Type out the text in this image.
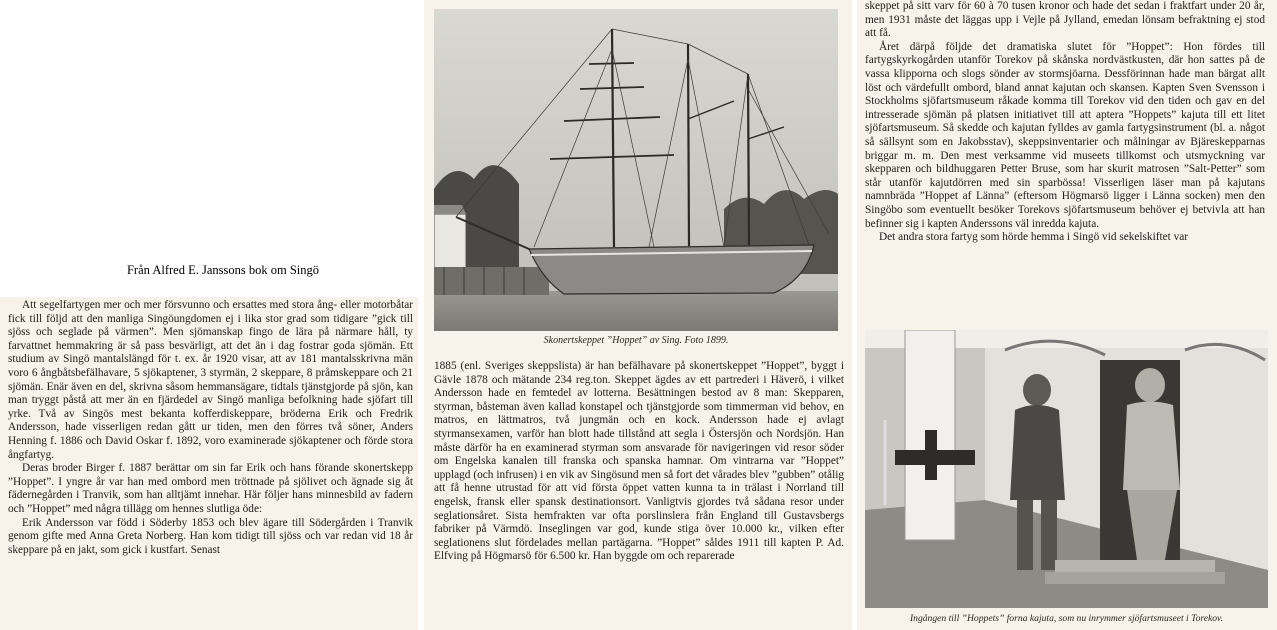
Från Alfred E. Janssons bok om Singö

Att segelfartygen mer och mer försvunno och ersattes med stora ång- eller motorbåtar fick till följd att den manliga Singöungdomen ej i lika stor grad som tidigare ”gick till sjöss och seglade på värmen”. Men sjömanskap fingo de lära på närmare håll, ty farvattnet hemmakring är så pass besvärligt, att det än i dag fostrar goda sjömän. Ett studium av Singö mantalslängd för t. ex. år 1920 visar, att av 181 mantalsskrivna män voro 6 ångbåtsbefälhavare, 5 sjökaptener, 3 styrmän, 2 skeppare, 8 pråmskeppare och 21 sjömän. Enär även en del, skrivna såsom hemmansägare, tidtals tjänstgjorde på sjön, kan man tryggt påstå att mer än en fjärdedel av Singö manliga befolkning hade sjöfart till yrke. Två av Singös mest bekanta kofferdiskeppare, bröderna Erik och Fredrik Andersson, hade visserligen redan gått ur tiden, men den förres två söner, Anders Henning f. 1886 och David Oskar f. 1892, voro examinerade sjökaptener och förde stora ångfartyg.

Deras broder Birger f. 1887 berättar om sin far Erik och hans förande skonertskepp ”Hoppet”. I yngre år var han med ombord men tröttnade på sjölivet och ägnade sig åt fädernegården i Tranvik, som han alltjämt innehar. Här följer hans minnesbild av fadern och ”Hoppet” med några tillägg om hennes slutliga öde:

Erik Andersson var född i Söderby 1853 och blev ägare till Södergården i Tranvik genom gifte med Anna Greta Norberg. Han kom tidigt till sjöss och var redan vid 18 år skeppare på en jakt, som gick i kustfart. Senast

Skonertskeppet ”Hoppet” av Sing. Foto 1899.

1885 (enl. Sveriges skeppslista) är han befälhavare på skonertskeppet ”Hoppet”, byggt i Gävle 1878 och mätande 234 reg.ton. Skeppet ägdes av ett partrederi i Häverö, i vilket Andersson hade en femtedel av lotterna. Besättningen bestod av 8 man: Skepparen, styrman, båsteman även kallad konstapel och tjänstgjorde som timmerman vid behov, en matros, en lättmatros, två jungmän och en kock. Andersson hade ej avlagt styrmansexamen, varför han blott hade tillstånd att segla i Östersjön och Nordsjön. Han måste därför ha en examinerad styrman som ansvarade för navigeringen vid resor söder om Engelska kanalen till franska och spanska hamnar. Om vintrarna var ”Hoppet” upplagd (och infrusen) i en vik av Singösund men så fort det vårades blev ”gubben” otålig att få henne utrustad för att vid första öppet vatten kunna ta in trälast i Norrland till engelsk, fransk eller spansk destinationsort. Vanligtvis gjordes två sådana resor under seglationsåret. Sista hemfrakten var ofta porslinslera från England till Gustavsbergs fabriker på Värmdö. Inseglingen var god, kunde stiga över 10.000 kr., vilken efter seglationens slut fördelades mellan partägarna. ”Hoppet” såldes 1911 till kapten P. Ad. Elfving på Högmarsö för 6.500 kr. Han byggde om och reparerade

skeppet på sitt varv för 60 à 70 tusen kronor och hade det sedan i fraktfart under 20 år, men 1931 måste det läggas upp i Vejle på Jylland, emedan lönsam befraktning ej stod att få.

Året därpå följde det dramatiska slutet för ”Hoppet”: Hon fördes till fartygskyrkogården utanför Torekov på skånska nordvästkusten, där hon sattes på de vassa klipporna och slogs sönder av stormsjöarna. Dessförinnan hade man bärgat allt löst och värdefullt ombord, bland annat kajutan och skansen. Kapten Sven Svensson i Stockholms sjöfartsmuseum råkade komma till Torekov vid den tiden och gav en del intresserade sjömän på platsen initiativet till att aptera ”Hoppets” kajuta till ett litet sjöfartsmuseum. Så skedde och kajutan fylldes av gamla fartygsinstrument (bl. a. något så sällsynt som en Jakobsstav), skeppsinventarier och målningar av Bjäreskepparnas briggar m. m. Den mest verksamme vid museets tillkomst och utsmyckning var skepparen och bildhuggaren Petter Bruse, som har skurit matrosen ”Salt-Petter” som står utanför kajutdörren med sin sparbössa! Visserligen läser man på kajutans namnbräda ”Hoppet af Länna” (eftersom Högmarsö ligger i Länna socken) men den Singöbo som eventuellt besöker Torekovs sjöfartsmuseum behöver ej betvivla att han befinner sig i kapten Anderssons väl inredda kajuta.

Det andra stora fartyg som hörde hemma i Singö vid sekelskiftet var

Ingången till ”Hoppets” forna kajuta, som nu inrymmer sjöfartsmuseet i Torekov.
